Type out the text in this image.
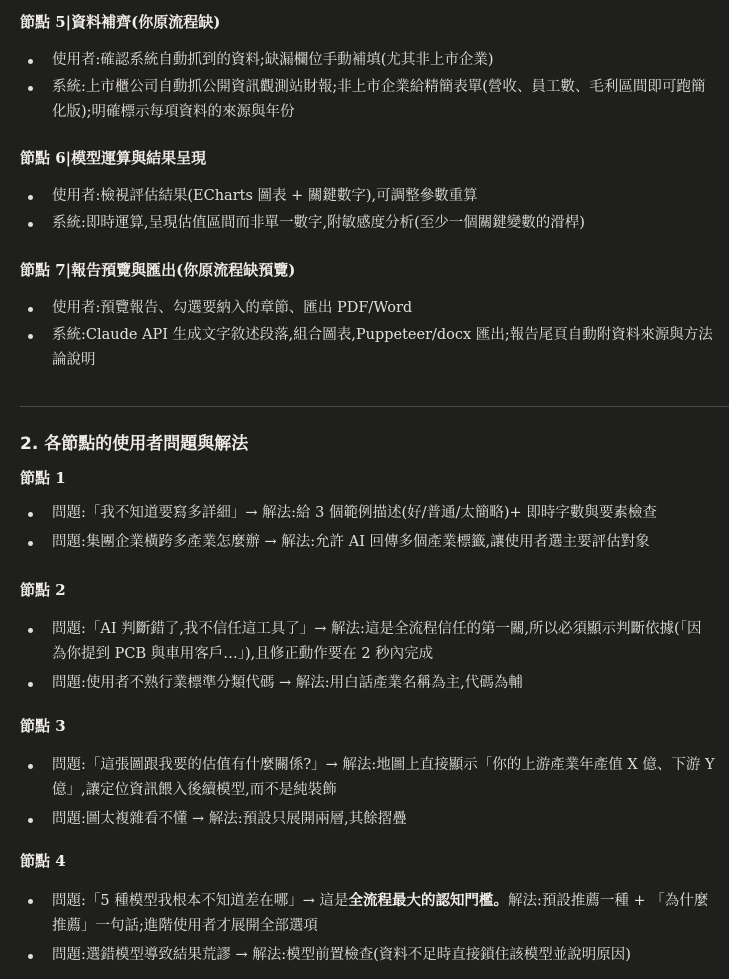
節點 5|資料補齊(你原流程缺)
使用者:確認系統自動抓到的資料;缺漏欄位手動補填(尤其非上市企業)
系統:上市櫃公司自動抓公開資訊觀測站財報;非上市企業給精簡表單(營收、員工數、毛利區間即可跑簡化版);明確標示每項資料的來源與年份
節點 6|模型運算與結果呈現
使用者:檢視評估結果(ECharts 圖表 + 關鍵數字),可調整參數重算
系統:即時運算,呈現估值區間而非單一數字,附敏感度分析(至少一個關鍵變數的滑桿)
節點 7|報告預覽與匯出(你原流程缺預覽)
使用者:預覽報告、勾選要納入的章節、匯出 PDF/Word
系統:Claude API 生成文字敘述段落,組合圖表,Puppeteer/docx 匯出;報告尾頁自動附資料來源與方法論說明
2. 各節點的使用者問題與解法
節點 1
問題:「我不知道要寫多詳細」→ 解法:給 3 個範例描述(好/普通/太簡略)+ 即時字數與要素檢查
問題:集團企業橫跨多產業怎麼辦 → 解法:允許 AI 回傳多個產業標籤,讓使用者選主要評估對象
節點 2
問題:「AI 判斷錯了,我不信任這工具了」→ 解法:這是全流程信任的第一關,所以必須顯示判斷依據(「因為你提到 PCB 與車用客戶…」),且修正動作要在 2 秒內完成
問題:使用者不熟行業標準分類代碼 → 解法:用白話產業名稱為主,代碼為輔
節點 3
問題:「這張圖跟我要的估值有什麼關係?」→ 解法:地圖上直接顯示「你的上游產業年產值 X 億、下游 Y 億」,讓定位資訊餵入後續模型,而不是純裝飾
問題:圖太複雜看不懂 → 解法:預設只展開兩層,其餘摺疊
節點 4
問題:「5 種模型我根本不知道差在哪」→ 這是全流程最大的認知門檻。解法:預設推薦一種 + 「為什麼推薦」一句話;進階使用者才展開全部選項
問題:選錯模型導致結果荒謬 → 解法:模型前置檢查(資料不足時直接鎖住該模型並說明原因)
